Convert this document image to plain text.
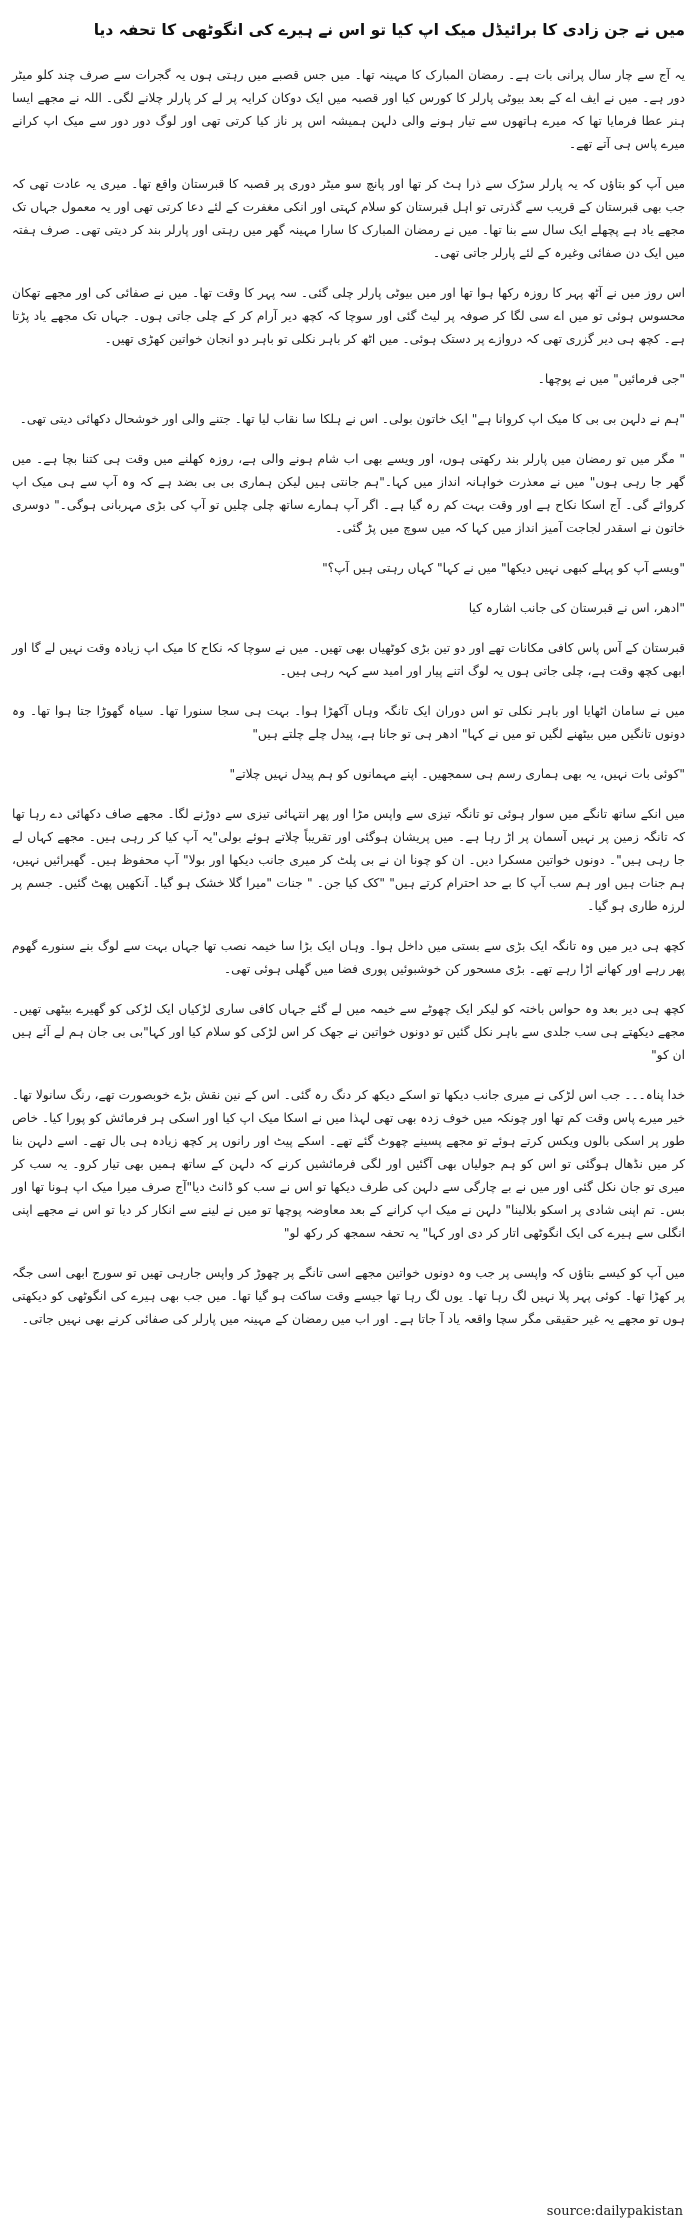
میں نے جن زادی کا برائیڈل میک اپ کیا تو اس نے ہیرے کی انگوٹھی کا تحفہ دیا

یہ آج سے چار سال پرانی بات ہے۔ رمضان المبارک کا مہینہ تھا۔ میں جس قصبے میں رہتی ہوں یہ گجرات سے صرف چند کلو میٹر دور ہے۔ میں نے ایف اے کے بعد بیوٹی پارلر کا کورس کیا اور قصبہ میں ایک دوکان کرایہ پر لے کر پارلر چلانے لگی۔ اللہ نے مجھے ایسا ہنر عطا فرمایا تھا کہ میرے ہاتھوں سے تیار ہونے والی دلہن ہمیشہ اس پر ناز کیا کرتی تھی اور لوگ دور دور سے میک اپ کرانے میرے پاس ہی آتے تھے۔

میں آپ کو بتاؤں کہ یہ پارلر سڑک سے ذرا ہٹ کر تھا اور پانچ سو میٹر دوری پر قصبہ کا قبرستان واقع تھا۔ میری یہ عادت تھی کہ جب بھی قبرستان کے قریب سے گذرتی تو اہل قبرستان کو سلام کہتی اور انکی مغفرت کے لئے دعا کرتی تھی اور یہ معمول جہاں تک مجھے یاد ہے پچھلے ایک سال سے بنا تھا۔ میں نے رمضان المبارک کا سارا مہینہ گھر میں رہتی اور پارلر بند کر دیتی تھی۔ صرف ہفتہ میں ایک دن صفائی وغیرہ کے لئے پارلر جاتی تھی۔

اس روز میں نے آٹھ پہر کا روزہ رکھا ہوا تھا اور میں بیوٹی پارلر چلی گئی۔ سہ پہر کا وقت تھا۔ میں نے صفائی کی اور مجھے تھکان محسوس ہوئی تو میں اے سی لگا کر صوفہ پر لیٹ گئی اور سوچا کہ کچھ دیر آرام کر کے چلی جاتی ہوں۔ جہاں تک مجھے یاد پڑتا ہے۔ کچھ ہی دیر گزری تھی کہ دروازے پر دستک ہوئی۔ میں اٹھ کر باہر نکلی تو باہر دو انجان خواتین کھڑی تھیں۔

"جی فرمائیں" میں نے پوچھا۔

"ہم نے دلہن بی بی کا میک اپ کروانا ہے" ایک خاتون بولی۔ اس نے ہلکا سا نقاب لیا تھا۔ جتنے والی اور خوشحال دکھائی دیتی تھی۔

" مگر میں تو رمضان میں پارلر بند رکھتی ہوں، اور ویسے بھی اب شام ہونے والی ہے، روزہ کھلنے میں وقت ہی کتنا بچا ہے۔ میں گھر جا رہی ہوں" میں نے معذرت خواہانہ انداز میں کہا۔"ہم جانتی ہیں لیکن ہماری بی بی بضد ہے کہ وہ آپ سے ہی میک اپ کروائے گی۔ آج اسکا نکاح ہے اور وقت بہت کم رہ گیا ہے۔ اگر آپ ہمارے ساتھ چلی چلیں تو آپ کی بڑی مہربانی ہوگی۔" دوسری خاتون نے اسقدر لجاجت آمیز انداز میں کہا کہ میں سوچ میں پڑ گئی۔

"ویسے آپ کو پہلے کبھی نہیں دیکھا" میں نے کہا" کہاں رہتی ہیں آپ؟"

"ادھر، اس نے قبرستان کی جانب اشارہ کیا

قبرستان کے آس پاس کافی مکانات تھے اور دو تین بڑی کوٹھیاں بھی تھیں۔ میں نے سوچا کہ نکاح کا میک اپ زیادہ وقت نہیں لے گا اور ابھی کچھ وقت ہے، چلی جاتی ہوں یہ لوگ اتنے پیار اور امید سے کہہ رہی ہیں۔

میں نے سامان اٹھایا اور باہر نکلی تو اس دوران ایک تانگہ وہاں آکھڑا ہوا۔ بہت ہی سجا سنورا تھا۔ سیاہ گھوڑا جتا ہوا تھا۔ وہ دونوں تانگیں میں بیٹھنے لگیں تو میں نے کہا" ادھر ہی تو جانا ہے، پیدل چلے چلتے ہیں"

"کوئی بات نہیں، یہ بھی ہماری رسم ہی سمجھیں۔ اپنے مہمانوں کو ہم پیدل نہیں چلاتے"

میں انکے ساتھ تانگے میں سوار ہوئی تو تانگہ تیزی سے واپس مڑا اور پھر انتہائی تیزی سے دوڑنے لگا۔ مجھے صاف دکھائی دے رہا تھا کہ تانگہ زمین پر نہیں آسمان پر اڑ رہا ہے۔ میں پریشان ہوگئی اور تقریباً چلاتے ہوئے بولی"یہ آپ کیا کر رہی ہیں۔ مجھے کہاں لے جا رہی ہیں"۔ دونوں خواتین مسکرا دیں۔ ان کو چونا ان نے بی پلٹ کر میری جانب دیکھا اور بولا" آپ محفوظ ہیں۔ گھبرائیں نہیں، ہم جنات ہیں اور ہم سب آپ کا بے حد احترام کرتے ہیں" "کک کیا جن۔ " جنات "میرا گلا خشک ہو گیا۔ آنکھیں پھٹ گئیں۔ جسم پر لرزہ طاری ہو گیا۔

کچھ ہی دیر میں وہ تانگہ ایک بڑی سے بستی میں داخل ہوا۔ وہاں ایک بڑا سا خیمہ نصب تھا جہاں بہت سے لوگ بنے سنورے گھوم پھر رہے اور کھانے اڑا رہے تھے۔ بڑی مسحور کن خوشبوئیں پوری فضا میں گھلی ہوئی تھی۔

کچھ ہی دیر بعد وہ حواس باختہ کو لیکر ایک چھوٹے سے خیمہ میں لے گئے جہاں کافی ساری لڑکیاں ایک لڑکی کو گھیرے بیٹھی تھیں۔ مجھے دیکھتے ہی سب جلدی سے باہر نکل گئیں تو دونوں خواتین نے جھک کر اس لڑکی کو سلام کیا اور کہا"بی بی جان ہم لے آئے ہیں ان کو"

خدا پناہ۔۔۔ جب اس لڑکی نے میری جانب دیکھا تو اسکے دیکھ کر دنگ رہ گئی۔ اس کے نین نقش بڑے خوبصورت تھے، رنگ سانولا تھا۔ خیر میرے پاس وقت کم تھا اور چونکہ میں خوف زدہ بھی تھی لہذا میں نے اسکا میک اپ کیا اور اسکی ہر فرمائش کو پورا کیا۔ خاص طور پر اسکی بالوں ویکس کرتے ہوئے تو مجھے پسینے چھوٹ گئے تھے۔ اسکے پیٹ اور رانوں پر کچھ زیادہ ہی بال تھے۔ اسے دلہن بنا کر میں نڈھال ہوگئی تو اس کو ہم جولیاں بھی آگئیں اور لگی فرمائشیں کرنے کہ دلہن کے ساتھ ہمیں بھی تیار کرو۔ یہ سب کر میری تو جان نکل گئی اور میں نے بے چارگی سے دلہن کی طرف دیکھا تو اس نے سب کو ڈانٹ دیا"آج صرف میرا میک اپ ہونا تھا اور بس۔ تم اپنی شادی پر اسکو بلالینا" دلہن نے میک اپ کرانے کے بعد معاوضہ پوچھا تو میں نے لینے سے انکار کر دیا تو اس نے مجھے اپنی انگلی سے ہیرے کی ایک انگوٹھی اتار کر دی اور کہا" یہ تحفہ سمجھ کر رکھ لو"

میں آپ کو کیسے بتاؤں کہ واپسی پر جب وہ دونوں خواتین مجھے اسی تانگے پر چھوڑ کر واپس جارہی تھیں تو سورج ابھی اسی جگہ پر کھڑا تھا۔ کوئی پہر پلا نہیں لگ رہا تھا۔ یوں لگ رہا تھا جیسے وقت ساکت ہو گیا تھا۔ میں جب بھی ہیرے کی انگوٹھی کو دیکھتی ہوں تو مجھے یہ غیر حقیقی مگر سچا واقعہ یاد آ جاتا ہے۔ اور اب میں رمضان کے مہینہ میں پارلر کی صفائی کرنے بھی نہیں جاتی۔

source:dailypakistan
